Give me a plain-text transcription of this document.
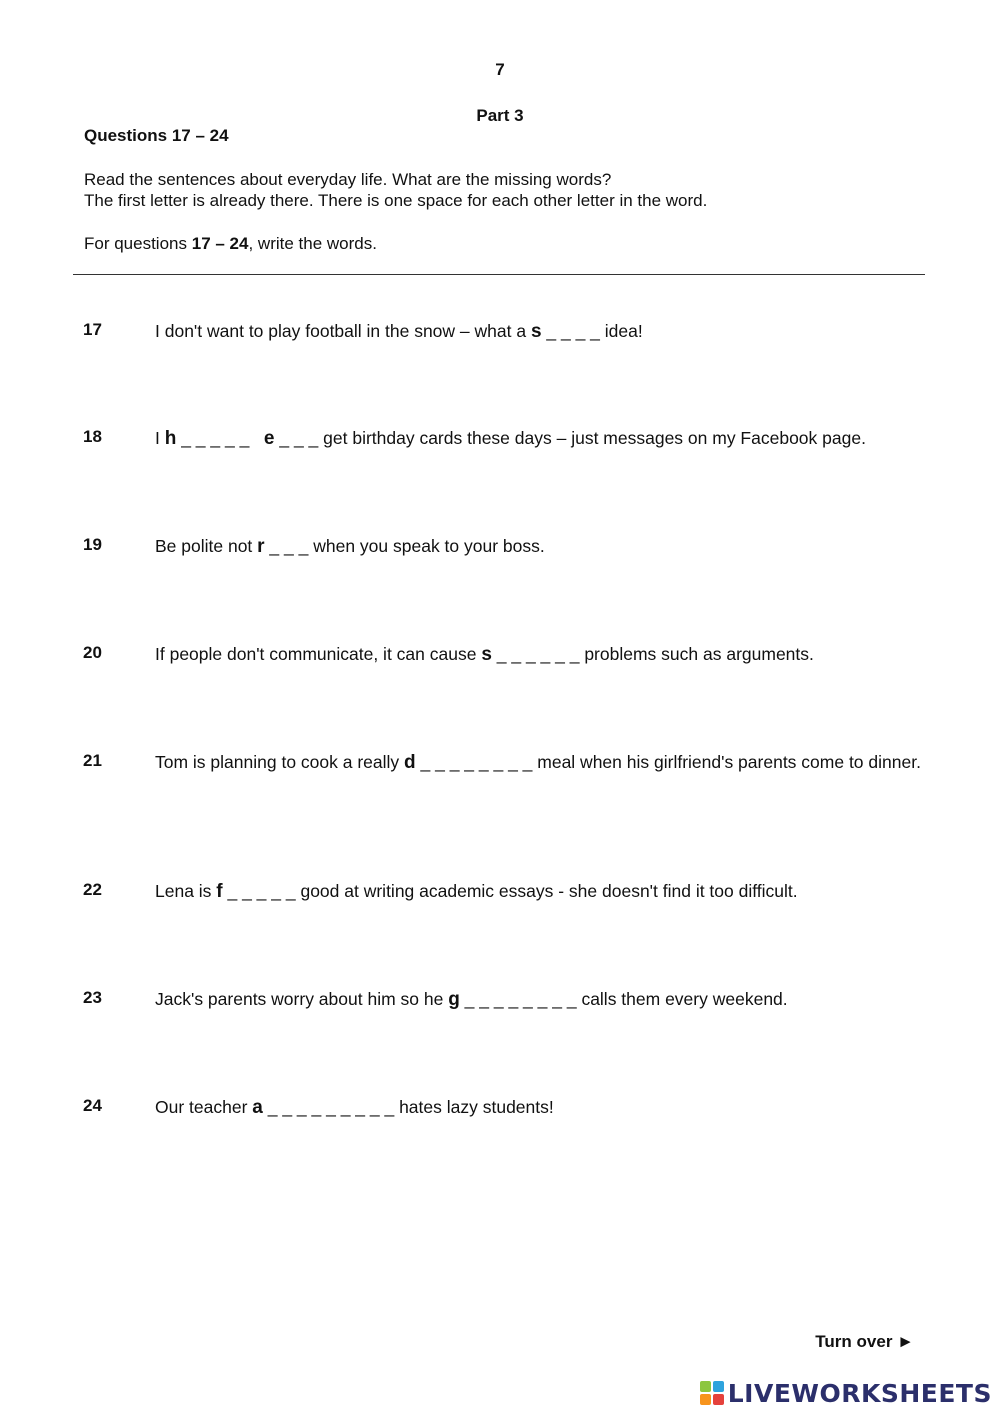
7
Part 3
Questions 17 – 24
Read the sentences about everyday life. What are the missing words?
The first letter is already there. There is one space for each other letter in the word.
For questions 17 – 24, write the words.
17	I don't want to play football in the snow – what a s _ _ _ _ idea!
18	I h _ _ _ _ _   e _ _ _ get birthday cards these days – just messages on my Facebook page.
19	Be polite not r _ _ _ when you speak to your boss.
20	If people don't communicate, it can cause s _ _ _ _ _ _ problems such as arguments.
21	Tom is planning to cook a really d _ _ _ _ _ _ _ _ meal when his girlfriend's parents come to dinner.
22	Lena is f _ _ _ _ _ good at writing academic essays - she doesn't find it too difficult.
23	Jack's parents worry about him so he g _ _ _ _ _ _ _ _ calls them every weekend.
24	Our teacher a _ _ _ _ _ _ _ _ _ hates lazy students!
Turn over ►
LIVEWORKSHEETS
